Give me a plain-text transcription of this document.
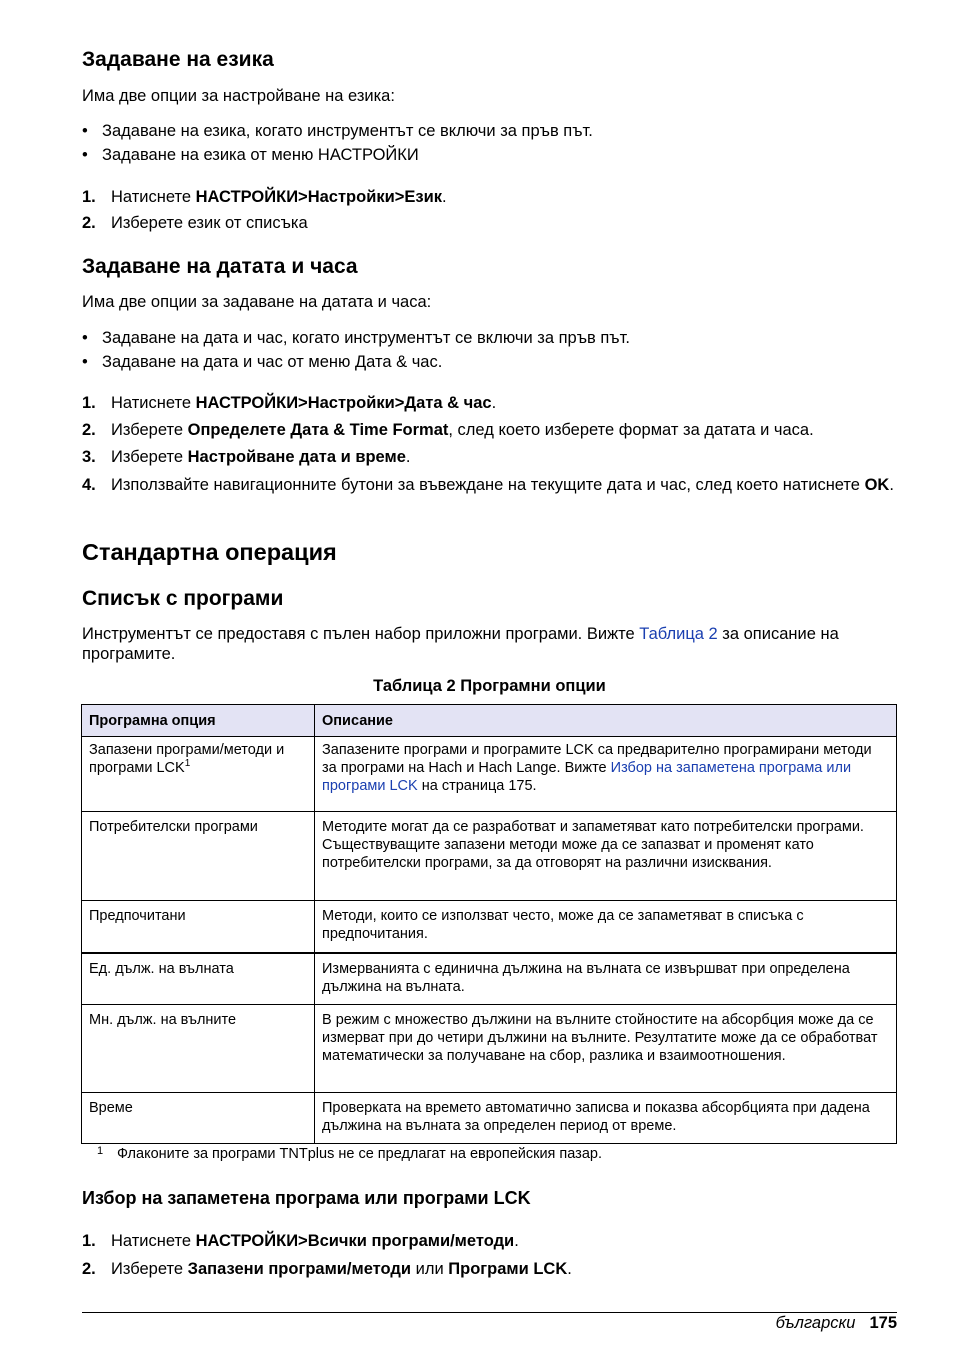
Задаване на езика

Има две опции за настройване на езика:

• Задаване на езика, когато инструментът се включи за пръв път.
• Задаване на езика от меню НАСТРОЙКИ
1. Натиснете НАСТРОЙКИ>Настройки>Език.
2. Изберете език от списъка
Задаване на датата и часа

Има две опции за задаване на датата и часа:

• Задаване на дата и час, когато инструментът се включи за пръв път.
• Задаване на дата и час от меню Дата & час.
1. Натиснете НАСТРОЙКИ>Настройки>Дата & час.
2. Изберете Определете Дата & Time Format, след което изберете формат за датата и часа.
3. Изберете Настройване дата и време.
4. Използвайте навигационните бутони за въвеждане на текущите дата и час, след което натиснете OK.
Стандартна операция
Списък с програми

Инструментът се предоставя с пълен набор приложни програми. Вижте Таблица 2 за описание на програмите.

Таблица 2 Програмни опции
Програмна опция	Описание
Запазени програми/методи и програми LCK$^1$	Запазените програми и програмите LCK са предварително програмирани методи за програми на Hach и Hach Lange. Вижте Избор на запаметена програма или програми LCK на страница 175.
Потребителски програми	Методите могат да се разработват и запаметяват като потребителски програми. Съществуващите запазени методи може да се запазват и променят като потребителски програми, за да отговорят на различни изисквания.
Предпочитани	Методи, които се използват често, може да се запаметяват в списъка с предпочитания.
Ед. дълж. на вълната	Измерванията с единична дължина на вълната се извършват при определена дължина на вълната.
Мн. дълж. на вълните	В режим с множество дължини на вълните стойностите на абсорбция може да се измерват при до четири дължини на вълните. Резултатите може да се обработват математически за получаване на сбор, разлика и взаимоотношения.
Време	Проверката на времето автоматично записва и показва абсорбцията при дадена дължина на вълната за определен период от време.
1 Флаконите за програми TNTplus не се предлагат на европейския пазар.
Избор на запаметена програма или програми LCK
1. Натиснете НАСТРОЙКИ>Всички програми/методи.
2. Изберете Запазени програми/методи или Програми LCK.
български 175
